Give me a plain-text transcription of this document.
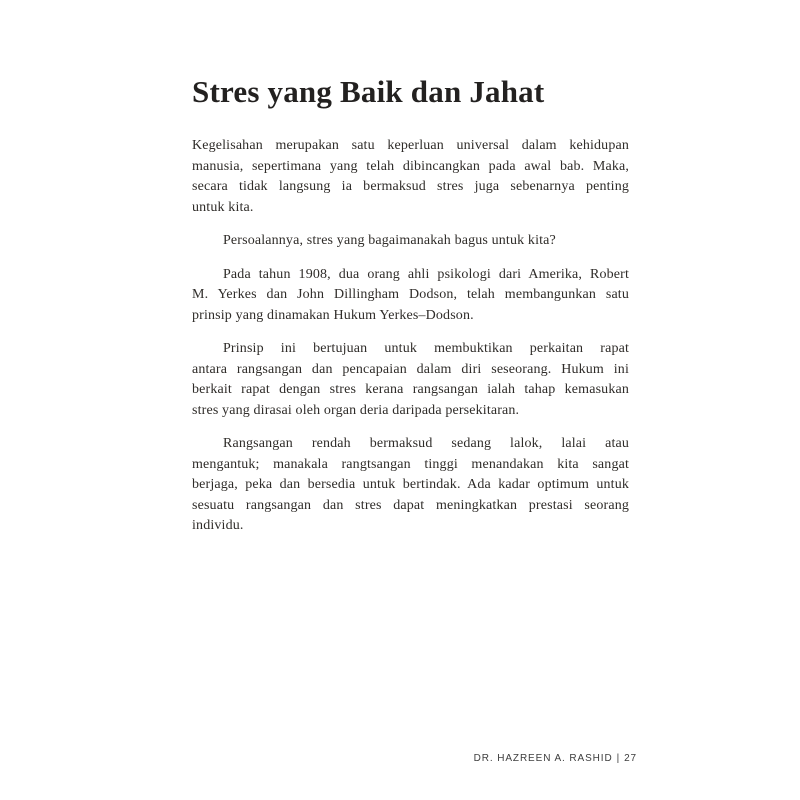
Stres yang Baik dan Jahat
Kegelisahan merupakan satu keperluan universal dalam kehidupan
manusia, sepertimana yang telah dibincangkan pada awal bab. Maka,
secara tidak langsung ia bermaksud stres juga sebenarnya penting
untuk kita.
Persoalannya, stres yang bagaimanakah bagus untuk kita?
Pada tahun 1908, dua orang ahli psikologi dari Amerika, Robert
M. Yerkes dan John Dillingham Dodson, telah membangunkan satu
prinsip yang dinamakan Hukum Yerkes–Dodson.
Prinsip ini bertujuan untuk membuktikan perkaitan rapat
antara rangsangan dan pencapaian dalam diri seseorang. Hukum ini
berkait rapat dengan stres kerana rangsangan ialah tahap kemasukan
stres yang dirasai oleh organ deria daripada persekitaran.
Rangsangan rendah bermaksud sedang lalok, lalai atau
mengantuk; manakala rangtsangan tinggi menandakan kita sangat
berjaga, peka dan bersedia untuk bertindak. Ada kadar optimum untuk
sesuatu rangsangan dan stres dapat meningkatkan prestasi seorang
individu.
DR. HAZREEN A. RASHID | 27
